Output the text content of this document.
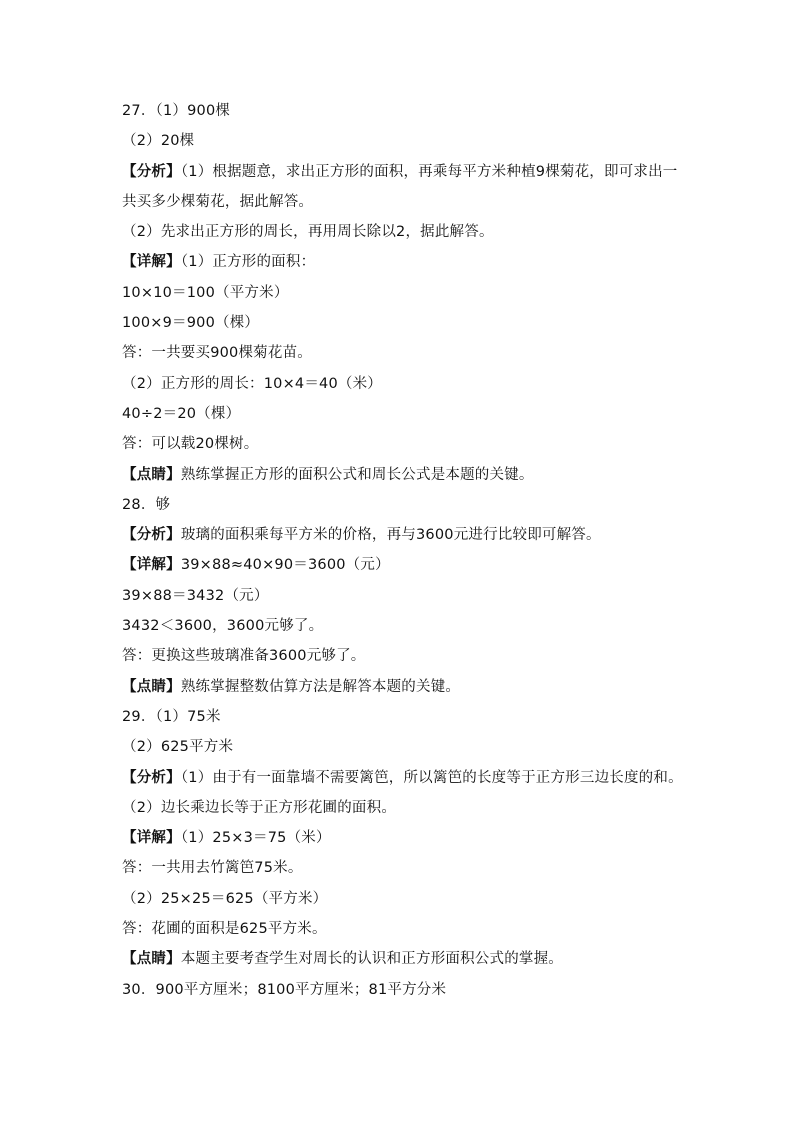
27．（1）900棵
（2）20棵
【分析】（1）根据题意，求出正方形的面积，再乘每平方米种植9棵菊花，即可求出一共买多少棵菊花，据此解答。
（2）先求出正方形的周长，再用周长除以2，据此解答。
【详解】（1）正方形的面积：
10×10＝100（平方米）
100×9＝900（棵）
答：一共要买900棵菊花苗。
（2）正方形的周长：10×4＝40（米）
40÷2＝20（棵）
答：可以载20棵树。
【点睛】熟练掌握正方形的面积公式和周长公式是本题的关键。
28．够
【分析】玻璃的面积乘每平方米的价格，再与3600元进行比较即可解答。
【详解】39×88≈40×90＝3600（元）
39×88＝3432（元）
3432＜3600，3600元够了。
答：更换这些玻璃准备3600元够了。
【点睛】熟练掌握整数估算方法是解答本题的关键。
29．（1）75米
（2）625平方米
【分析】（1）由于有一面靠墙不需要篱笆，所以篱笆的长度等于正方形三边长度的和。
（2）边长乘边长等于正方形花圃的面积。
【详解】（1）25×3＝75（米）
答：一共用去竹篱笆75米。
（2）25×25＝625（平方米）
答：花圃的面积是625平方米。
【点睛】本题主要考查学生对周长的认识和正方形面积公式的掌握。
30．900平方厘米；8100平方厘米；81平方分米
